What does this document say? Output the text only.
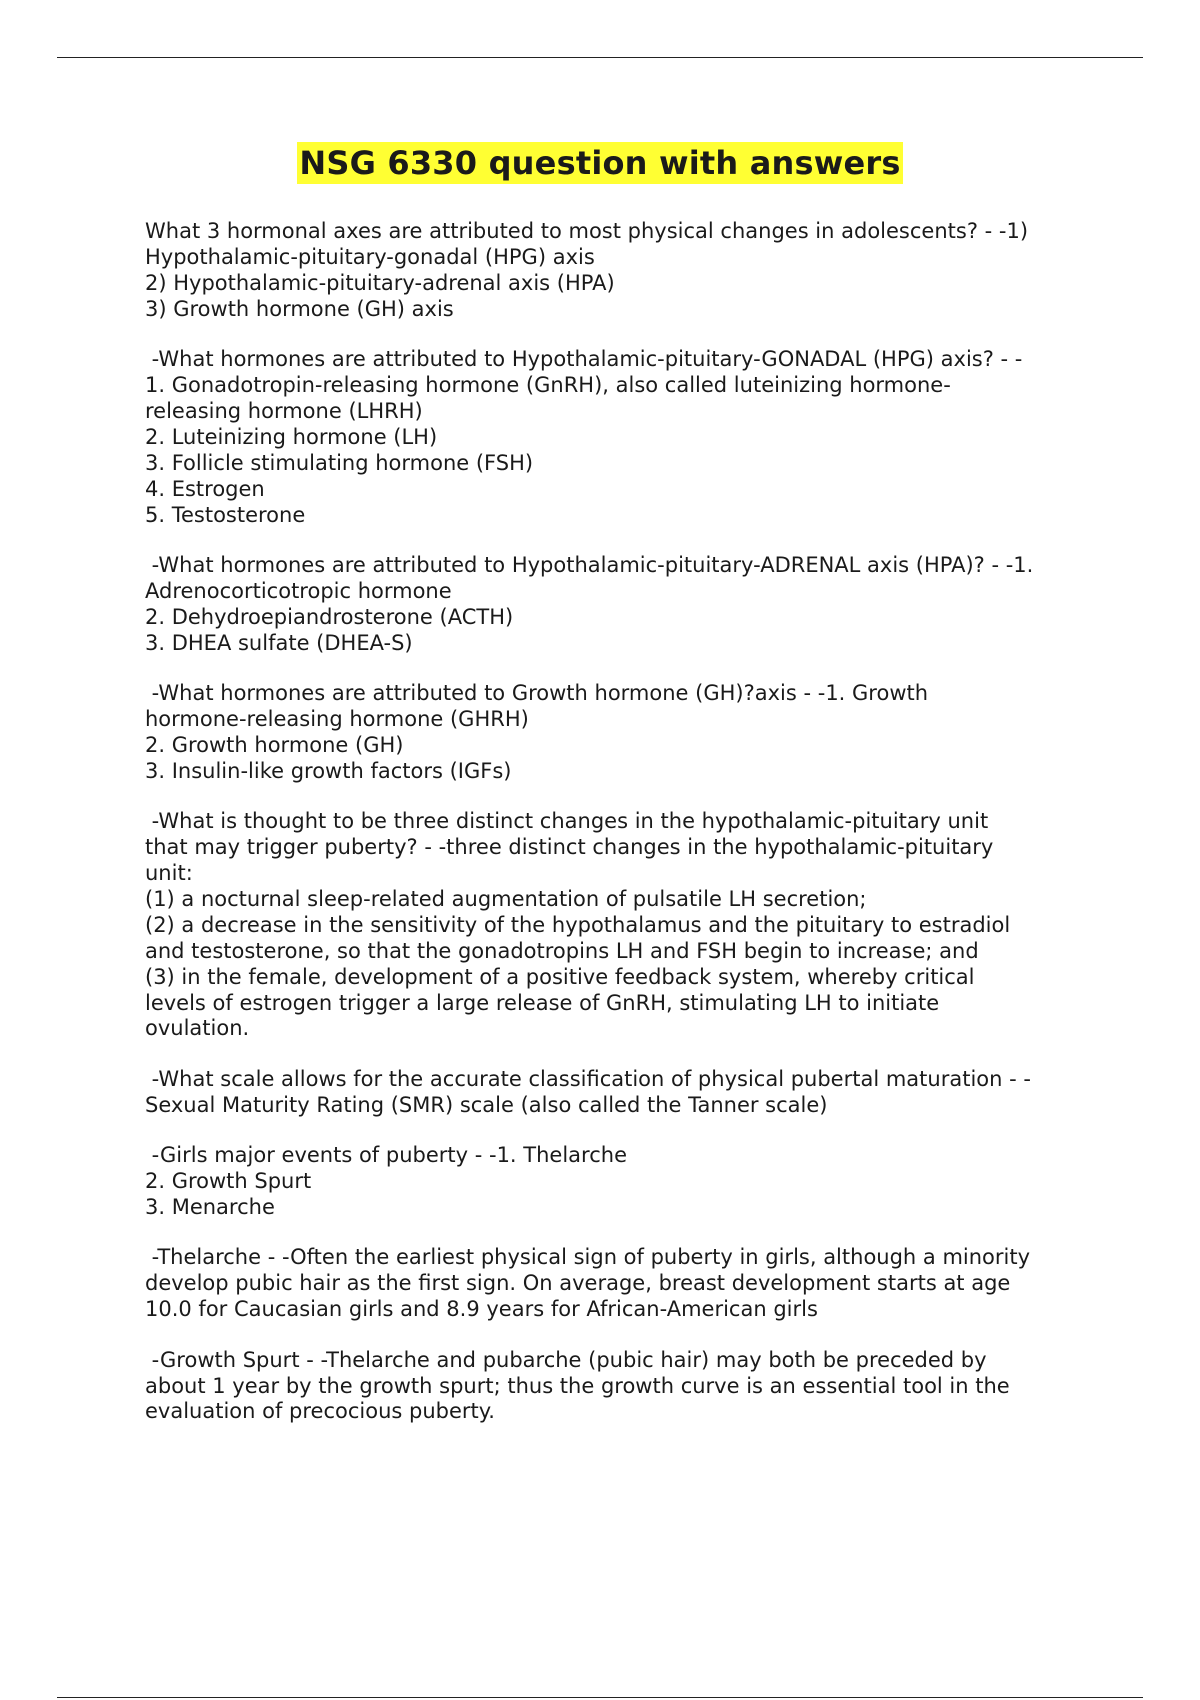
NSG 6330 question with answers
What 3 hormonal axes are attributed to most physical changes in adolescents? - -1)
Hypothalamic-pituitary-gonadal (HPG) axis
2) Hypothalamic-pituitary-adrenal axis (HPA)
3) Growth hormone (GH) axis
-What hormones are attributed to Hypothalamic-pituitary-GONADAL (HPG) axis? - -
1. Gonadotropin-releasing hormone (GnRH), also called luteinizing hormone-
releasing hormone (LHRH)
2. Luteinizing hormone (LH)
3. Follicle stimulating hormone (FSH)
4. Estrogen
5. Testosterone
-What hormones are attributed to Hypothalamic-pituitary-ADRENAL axis (HPA)? - -1.
Adrenocorticotropic hormone
2. Dehydroepiandrosterone (ACTH)
3. DHEA sulfate (DHEA-S)
-What hormones are attributed to Growth hormone (GH)?axis - -1. Growth
hormone-releasing hormone (GHRH)
2. Growth hormone (GH)
3. Insulin-like growth factors (IGFs)
-What is thought to be three distinct changes in the hypothalamic-pituitary unit
that may trigger puberty? - -three distinct changes in the hypothalamic-pituitary
unit:
(1) a nocturnal sleep-related augmentation of pulsatile LH secretion;
(2) a decrease in the sensitivity of the hypothalamus and the pituitary to estradiol
and testosterone, so that the gonadotropins LH and FSH begin to increase; and
(3) in the female, development of a positive feedback system, whereby critical
levels of estrogen trigger a large release of GnRH, stimulating LH to initiate
ovulation.
-What scale allows for the accurate classification of physical pubertal maturation - -
Sexual Maturity Rating (SMR) scale (also called the Tanner scale)
-Girls major events of puberty - -1. Thelarche
2. Growth Spurt
3. Menarche
-Thelarche - -Often the earliest physical sign of puberty in girls, although a minority
develop pubic hair as the first sign. On average, breast development starts at age
10.0 for Caucasian girls and 8.9 years for African-American girls
-Growth Spurt - -Thelarche and pubarche (pubic hair) may both be preceded by
about 1 year by the growth spurt; thus the growth curve is an essential tool in the
evaluation of precocious puberty.
